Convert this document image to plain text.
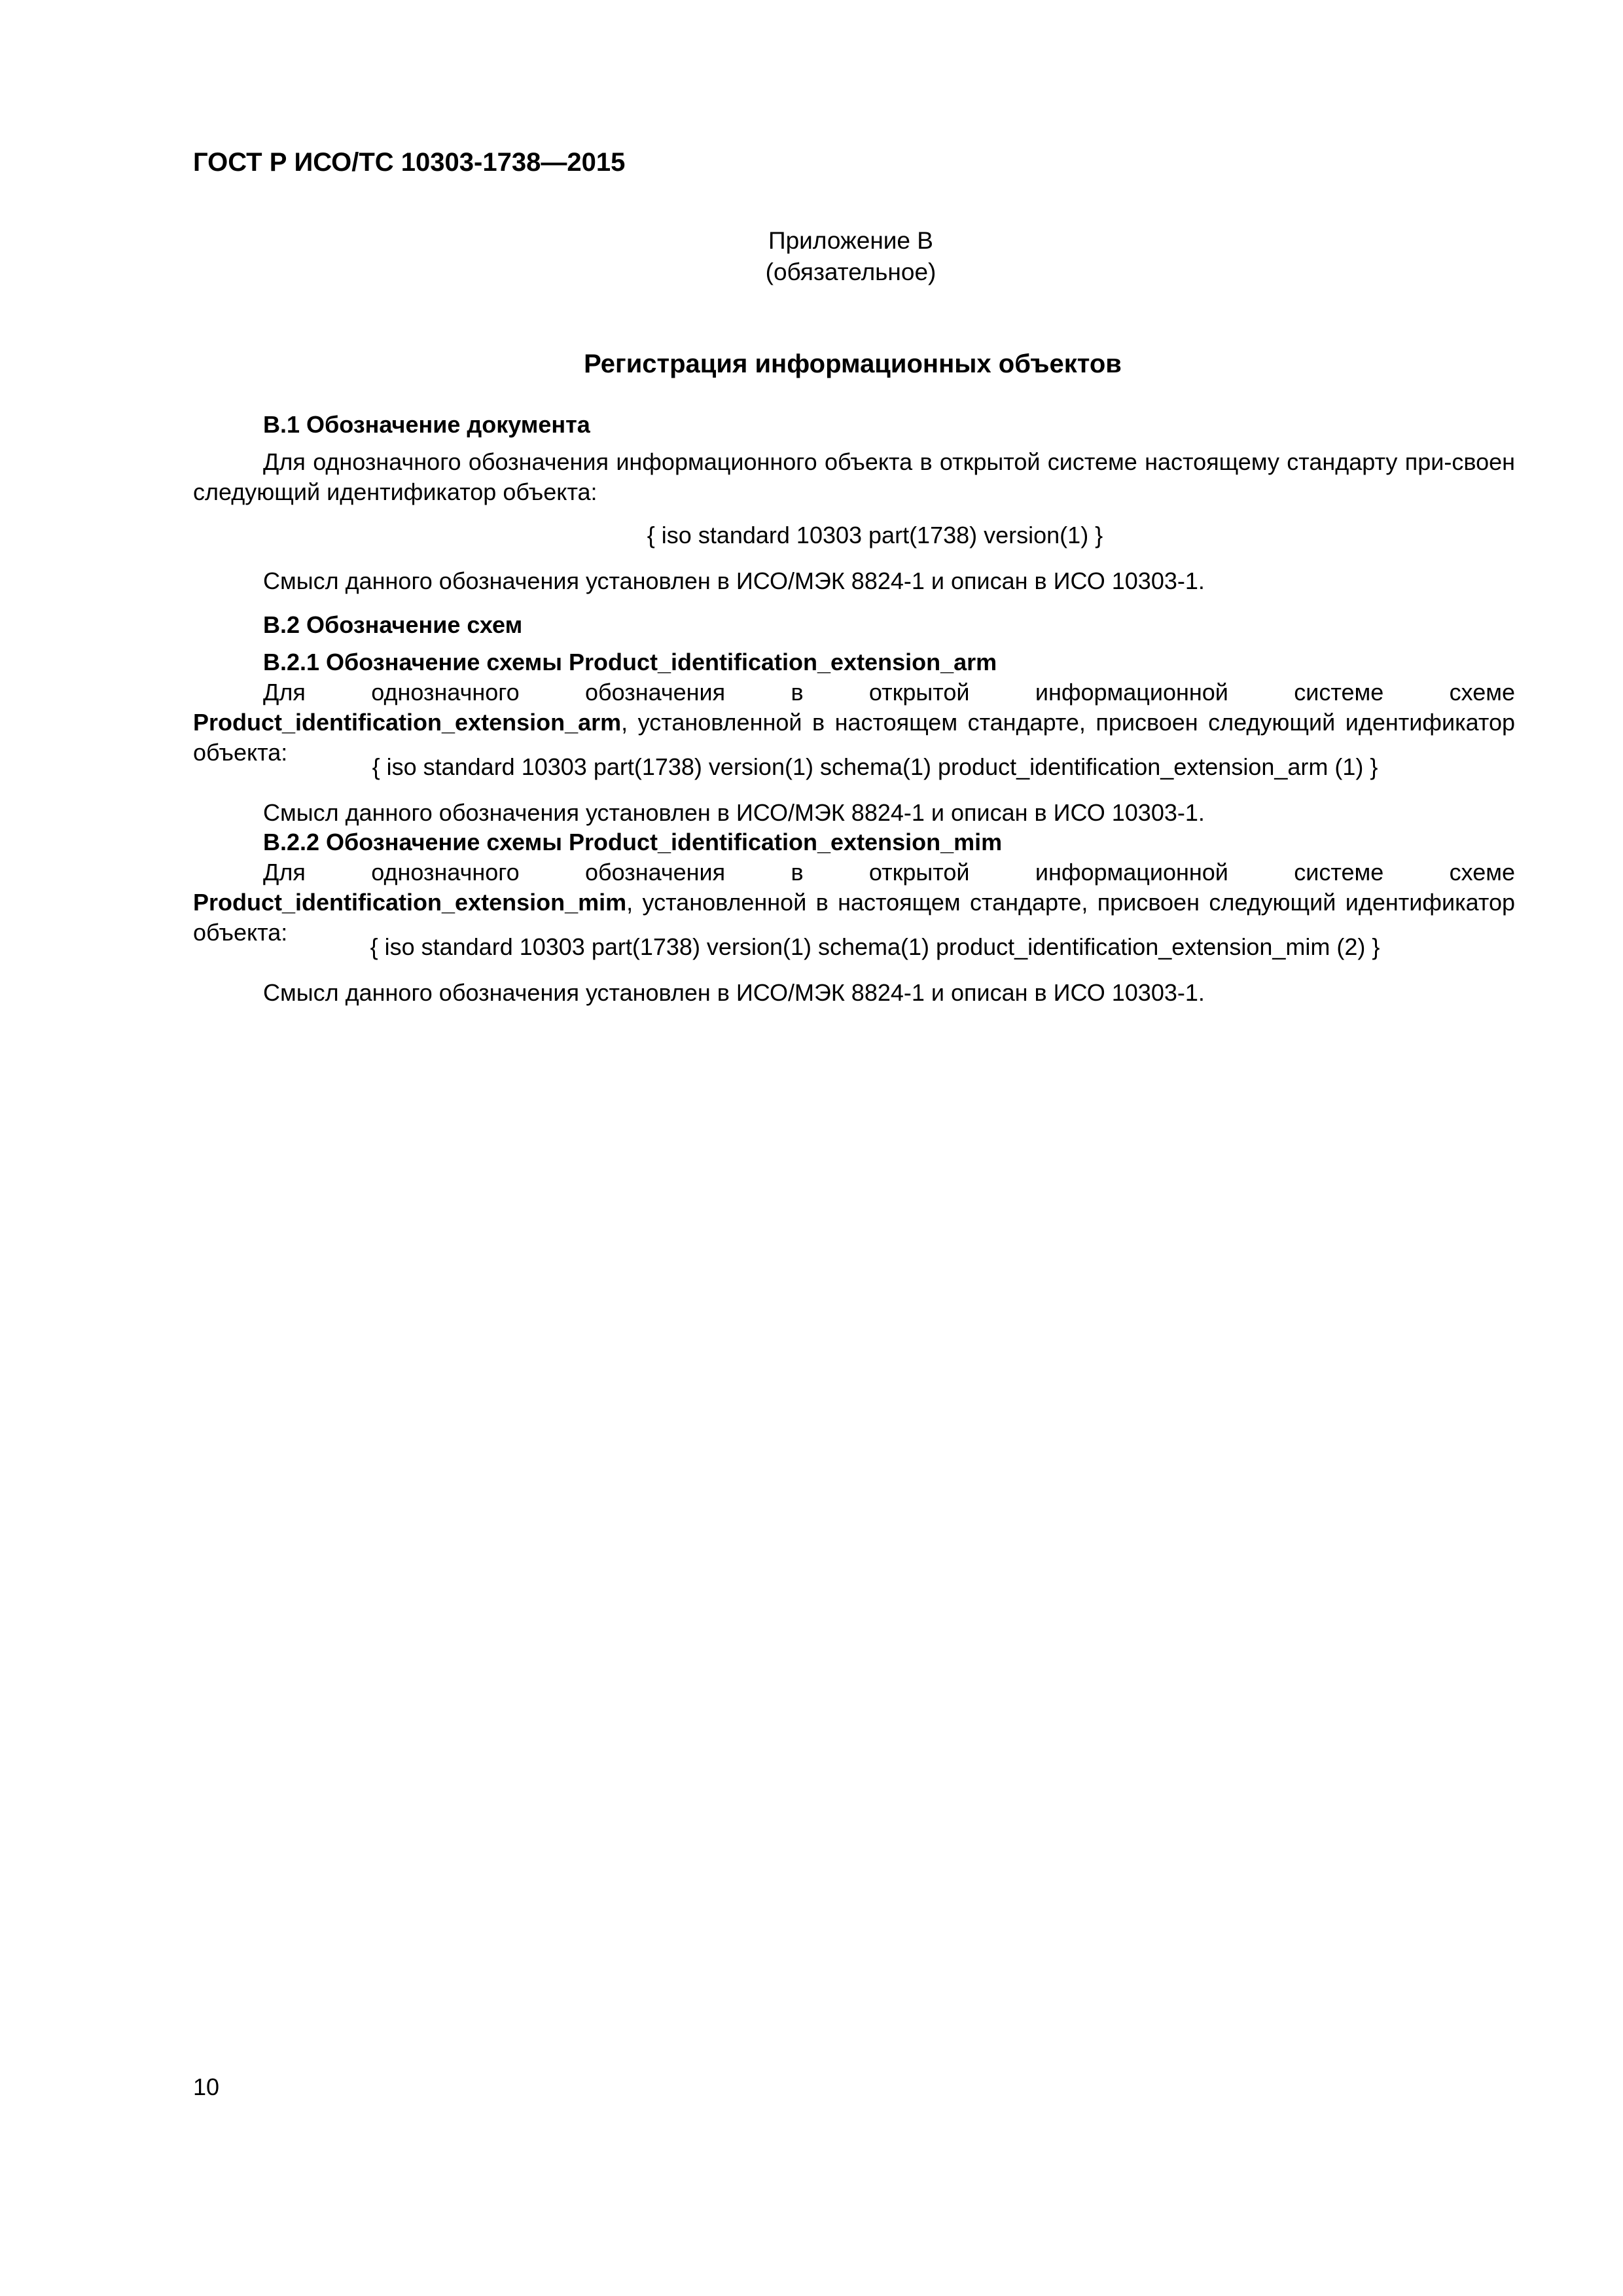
ГОСТ Р ИСО/ТС 10303-1738—2015
Приложение В
(обязательное)
Регистрация информационных объектов
В.1 Обозначение документа
Для однозначного обозначения информационного объекта в открытой системе настоящему стандарту при-своен следующий идентификатор объекта:
{ iso standard 10303 part(1738) version(1) }
Смысл данного обозначения установлен в ИСО/МЭК 8824-1 и описан в ИСО 10303-1.
В.2 Обозначение схем
В.2.1 Обозначение схемы Product_identification_extension_arm
Для однозначного обозначения в открытой информационной системе схеме Product_identification_extension_arm, установленной в настоящем стандарте, присвоен следующий идентификатор объекта:
{ iso standard 10303 part(1738) version(1) schema(1) product_identification_extension_arm (1) }
Смысл данного обозначения установлен в ИСО/МЭК 8824-1 и описан в ИСО 10303-1.
В.2.2 Обозначение схемы Product_identification_extension_mim
Для однозначного обозначения в открытой информационной системе схеме Product_identification_extension_mim, установленной в настоящем стандарте, присвоен следующий идентификатор объекта:
{ iso standard 10303 part(1738) version(1) schema(1) product_identification_extension_mim (2) }
Смысл данного обозначения установлен в ИСО/МЭК 8824-1 и описан в ИСО 10303-1.
10
